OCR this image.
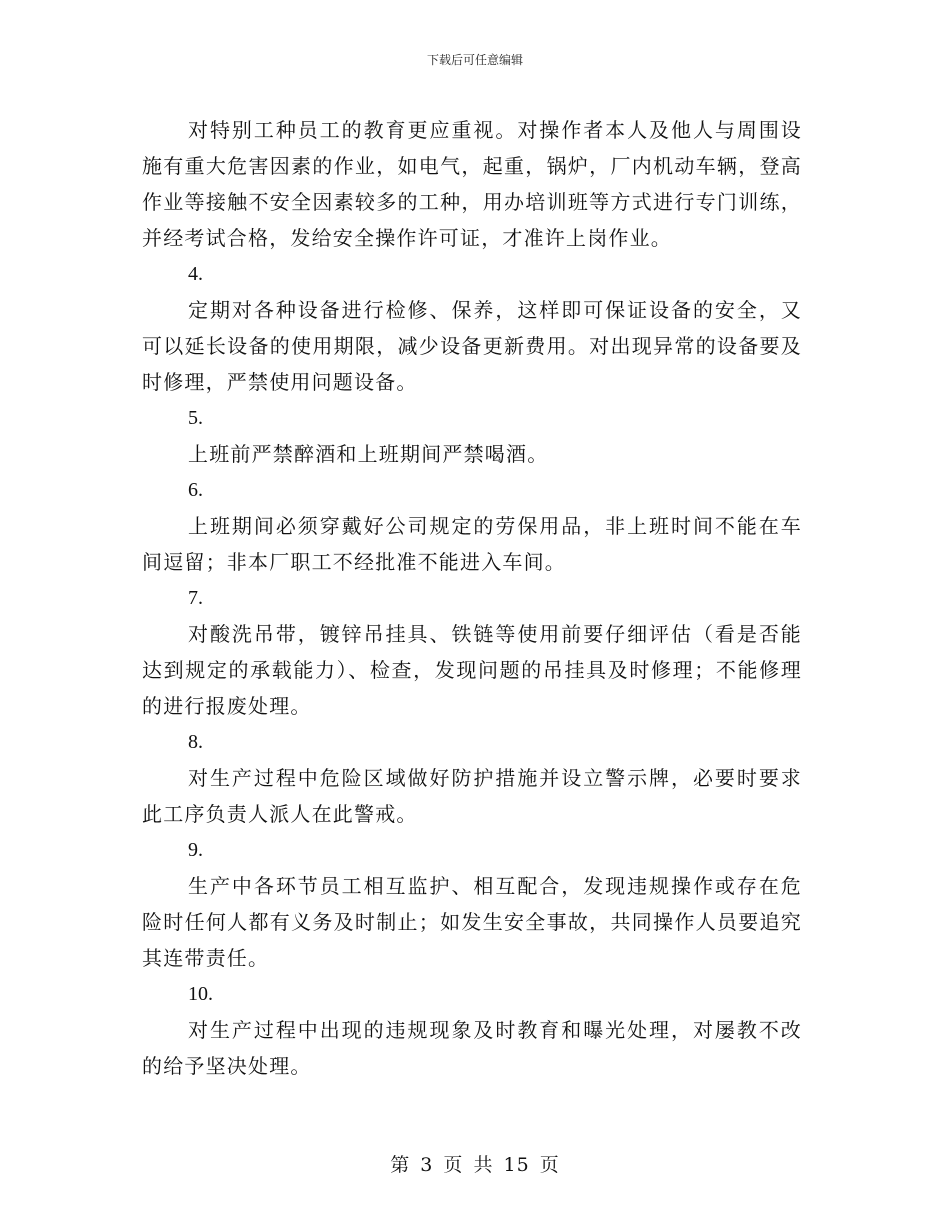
下载后可任意编辑

对特别工种员工的教育更应重视。对操作者本人及他人与周围设施有重大危害因素的作业，如电气，起重，锅炉，厂内机动车辆，登高作业等接触不安全因素较多的工种，用办培训班等方式进行专门训练，并经考试合格，发给安全操作许可证，才准许上岗作业。

4.

定期对各种设备进行检修、保养，这样即可保证设备的安全，又可以延长设备的使用期限，减少设备更新费用。对出现异常的设备要及时修理，严禁使用问题设备。

5.

上班前严禁醉酒和上班期间严禁喝酒。

6.

上班期间必须穿戴好公司规定的劳保用品，非上班时间不能在车间逗留；非本厂职工不经批准不能进入车间。

7.

对酸洗吊带，镀锌吊挂具、铁链等使用前要仔细评估（看是否能达到规定的承载能力）、检查，发现问题的吊挂具及时修理；不能修理的进行报废处理。

8.

对生产过程中危险区域做好防护措施并设立警示牌，必要时要求此工序负责人派人在此警戒。

9.

生产中各环节员工相互监护、相互配合，发现违规操作或存在危险时任何人都有义务及时制止；如发生安全事故，共同操作人员要追究其连带责任。

10.

对生产过程中出现的违规现象及时教育和曝光处理，对屡教不改的给予坚决处理。

第 3 页 共 15 页
